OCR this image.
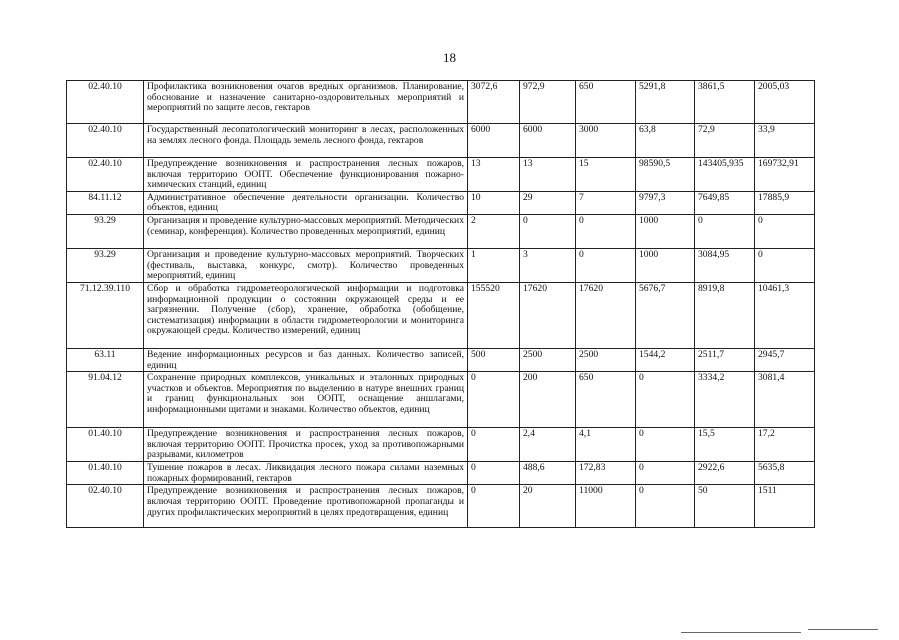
18
02.40.10	Профилактика возникновения очагов вредных организмов. Планирование, обоснование и назначение санитарно-оздоровительных мероприятий и мероприятий по защите лесов, гектаров	3072,6	972,9	650	5291,8	3861,5	2005,03
02.40.10	Государственный лесопатологический мониторинг в лесах, расположенных на землях лесного фонда. Площадь земель лесного фонда, гектаров	6000	6000	3000	63,8	72,9	33,9
02.40.10	Предупреждение возникновения и распространения лесных пожаров, включая территорию ООПТ. Обеспечение функционирования пожарно-химических станций, единиц	13	13	15	98590,5	143405,935	169732,91
84.11.12	Административное обеспечение деятельности организации. Количество объектов, единиц	10	29	7	9797,3	7649,85	17885,9
93.29	Организация и проведение культурно-массовых мероприятий. Методических (семинар, конференция). Количество проведенных мероприятий, единиц	2	0	0	1000	0	0
93.29	Организация и проведение культурно-массовых мероприятий. Творческих (фестиваль, выставка, конкурс, смотр). Количество проведенных мероприятий, единиц	1	3	0	1000	3084,95	0
71.12.39.110	Сбор и обработка гидрометеорологической информации и подготовка информационной продукции о состоянии окружающей среды и ее загрязнении. Получение (сбор), хранение, обработка (обобщение, систематизация) информации в области гидрометеорологии и мониторинга окружающей среды. Количество измерений, единиц	155520	17620	17620	5676,7	8919,8	10461,3
63.11	Ведение информационных ресурсов и баз данных. Количество записей, единиц	500	2500	2500	1544,2	2511,7	2945,7
91.04.12	Сохранение природных комплексов, уникальных и эталонных природных участков и объектов. Мероприятия по выделению в натуре внешних границ и границ функциональных зон ООПТ, оснащение аншлагами, информационными щитами и знаками. Количество объектов, единиц	0	200	650	0	3334,2	3081,4
01.40.10	Предупреждение возникновения и распространения лесных пожаров, включая территорию ООПТ. Прочистка просек, уход за противопожарными разрывами, километров	0	2,4	4,1	0	15,5	17,2
01.40.10	Тушение пожаров в лесах. Ликвидация лесного пожара силами наземных пожарных формирований, гектаров	0	488,6	172,83	0	2922,6	5635,8
02.40.10	Предупреждение возникновения и распространения лесных пожаров, включая территорию ООПТ. Проведение противопожарной пропаганды и других профилактических мероприятий в целях предотвращения, единиц	0	20	11000	0	50	1511
